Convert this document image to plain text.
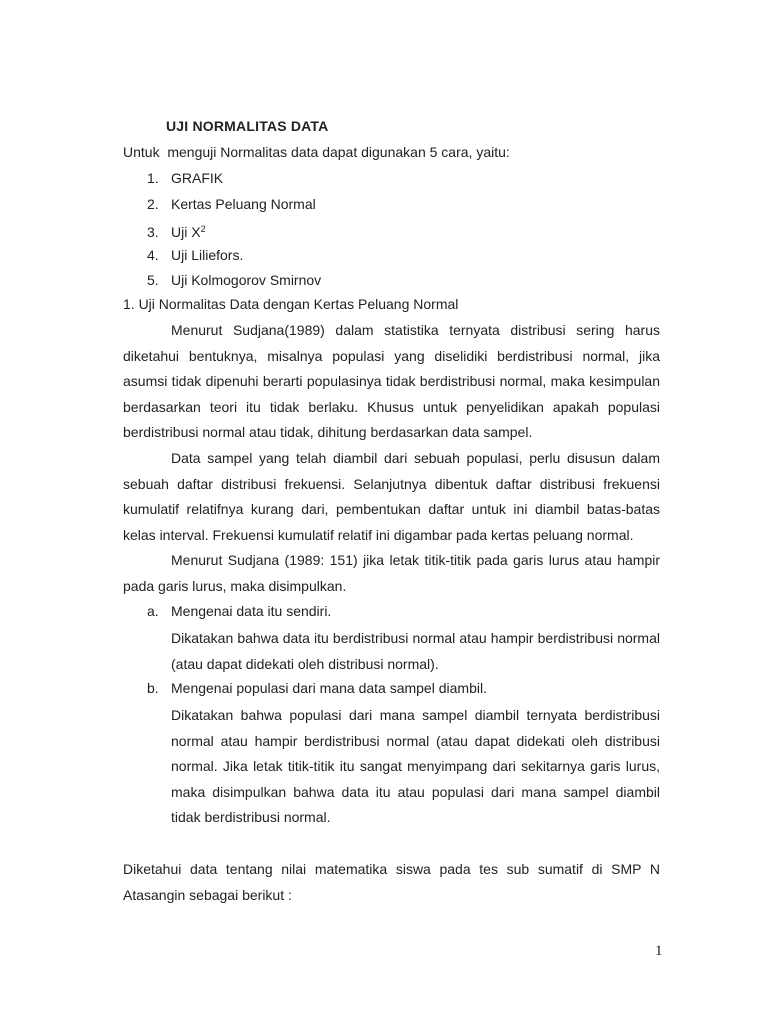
UJI NORMALITAS DATA
Untuk  menguji Normalitas data dapat digunakan 5 cara, yaitu:
1. GRAFIK
2. Kertas Peluang Normal
3. Uji $X^2$
4. Uji Liliefors.
5. Uji Kolmogorov Smirnov
1. Uji Normalitas Data dengan Kertas Peluang Normal

Menurut Sudjana(1989) dalam statistika ternyata distribusi sering harus diketahui bentuknya, misalnya populasi yang diselidiki berdistribusi normal, jika asumsi tidak dipenuhi berarti populasinya tidak berdistribusi normal, maka kesimpulan berdasarkan teori itu tidak berlaku. Khusus untuk penyelidikan apakah populasi berdistribusi normal atau tidak, dihitung berdasarkan data sampel.

Data sampel yang telah diambil dari sebuah populasi, perlu disusun dalam sebuah daftar distribusi frekuensi. Selanjutnya dibentuk daftar distribusi frekuensi kumulatif relatifnya kurang dari, pembentukan daftar untuk ini diambil batas-batas kelas interval. Frekuensi kumulatif relatif ini digambar pada kertas peluang normal.

Menurut Sudjana (1989: 151) jika letak titik-titik pada garis lurus atau hampir pada garis lurus, maka disimpulkan.

a. Mengenai data itu sendiri.

Dikatakan bahwa data itu berdistribusi normal atau hampir berdistribusi normal (atau dapat didekati oleh distribusi normal).

b. Mengenai populasi dari mana data sampel diambil.

Dikatakan bahwa populasi dari mana sampel diambil ternyata berdistribusi normal atau hampir berdistribusi normal (atau dapat didekati oleh distribusi normal. Jika letak titik-titik itu sangat menyimpang dari sekitarnya garis lurus, maka disimpulkan bahwa data itu atau populasi dari mana sampel diambil tidak berdistribusi normal.

Diketahui data tentang nilai matematika siswa pada tes sub sumatif di SMP N Atasangin sebagai berikut :

1
